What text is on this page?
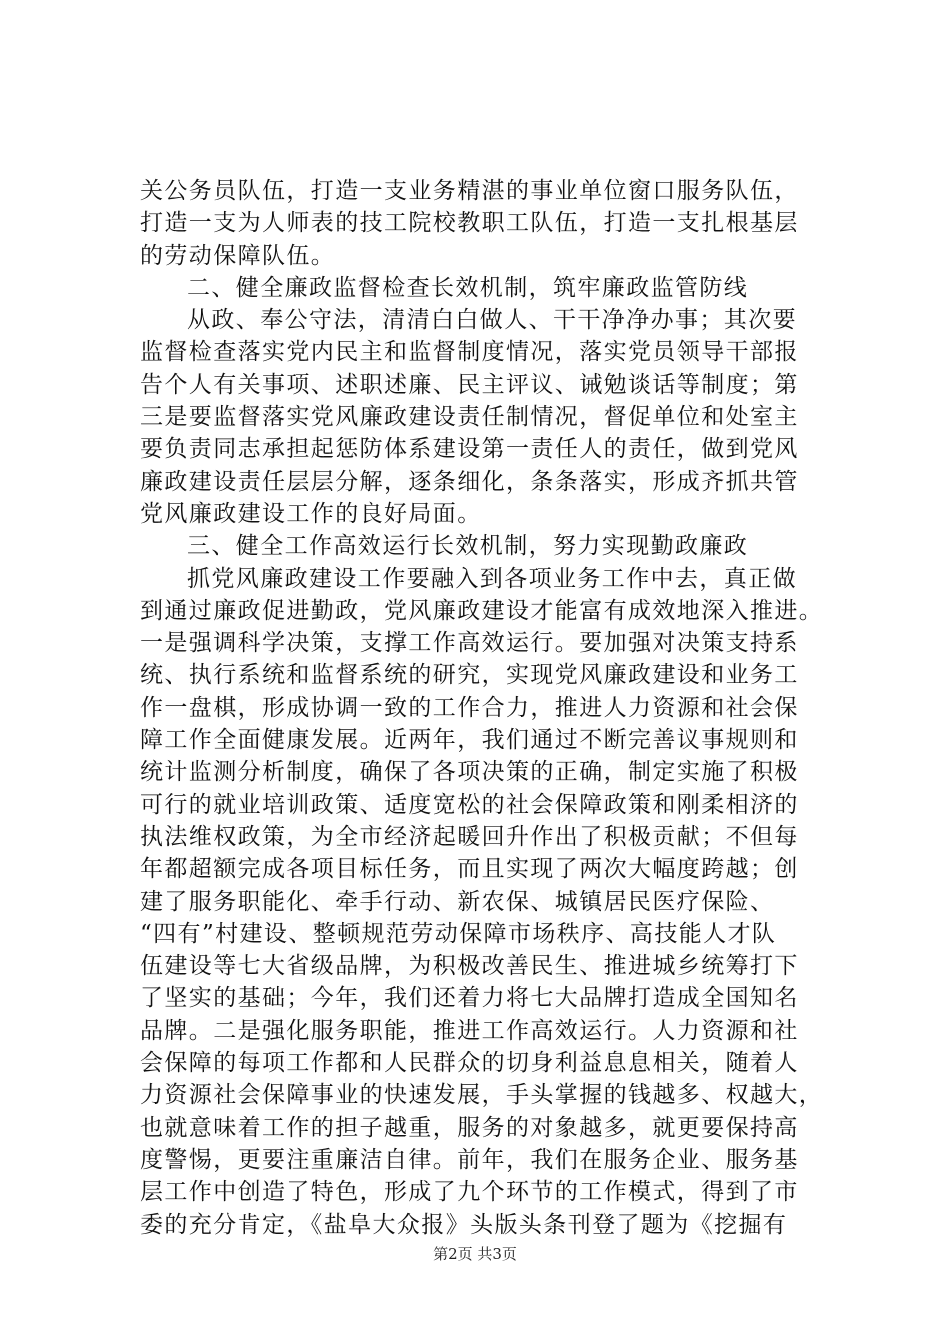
关公务员队伍，打造一支业务精湛的事业单位窗口服务队伍，
打造一支为人师表的技工院校教职工队伍，打造一支扎根基层
的劳动保障队伍。
二、健全廉政监督检查长效机制，筑牢廉政监管防线
从政、奉公守法，清清白白做人、干干净净办事；其次要
监督检查落实党内民主和监督制度情况，落实党员领导干部报
告个人有关事项、述职述廉、民主评议、诫勉谈话等制度；第
三是要监督落实党风廉政建设责任制情况，督促单位和处室主
要负责同志承担起惩防体系建设第一责任人的责任，做到党风
廉政建设责任层层分解，逐条细化，条条落实，形成齐抓共管
党风廉政建设工作的良好局面。
三、健全工作高效运行长效机制，努力实现勤政廉政
抓党风廉政建设工作要融入到各项业务工作中去，真正做
到通过廉政促进勤政，党风廉政建设才能富有成效地深入推进。
一是强调科学决策，支撑工作高效运行。要加强对决策支持系
统、执行系统和监督系统的研究，实现党风廉政建设和业务工
作一盘棋，形成协调一致的工作合力，推进人力资源和社会保
障工作全面健康发展。近两年，我们通过不断完善议事规则和
统计监测分析制度，确保了各项决策的正确，制定实施了积极
可行的就业培训政策、适度宽松的社会保障政策和刚柔相济的
执法维权政策，为全市经济起暖回升作出了积极贡献；不但每
年都超额完成各项目标任务，而且实现了两次大幅度跨越；创
建了服务职能化、牵手行动、新农保、城镇居民医疗保险、
“四有”村建设、整顿规范劳动保障市场秩序、高技能人才队
伍建设等七大省级品牌，为积极改善民生、推进城乡统筹打下
了坚实的基础；今年，我们还着力将七大品牌打造成全国知名
品牌。二是强化服务职能，推进工作高效运行。人力资源和社
会保障的每项工作都和人民群众的切身利益息息相关，随着人
力资源社会保障事业的快速发展，手头掌握的钱越多、权越大，
也就意味着工作的担子越重，服务的对象越多，就更要保持高
度警惕，更要注重廉洁自律。前年，我们在服务企业、服务基
层工作中创造了特色，形成了九个环节的工作模式，得到了市
委的充分肯定，《盐阜大众报》头版头条刊登了题为《挖掘有
第2页 共3页
